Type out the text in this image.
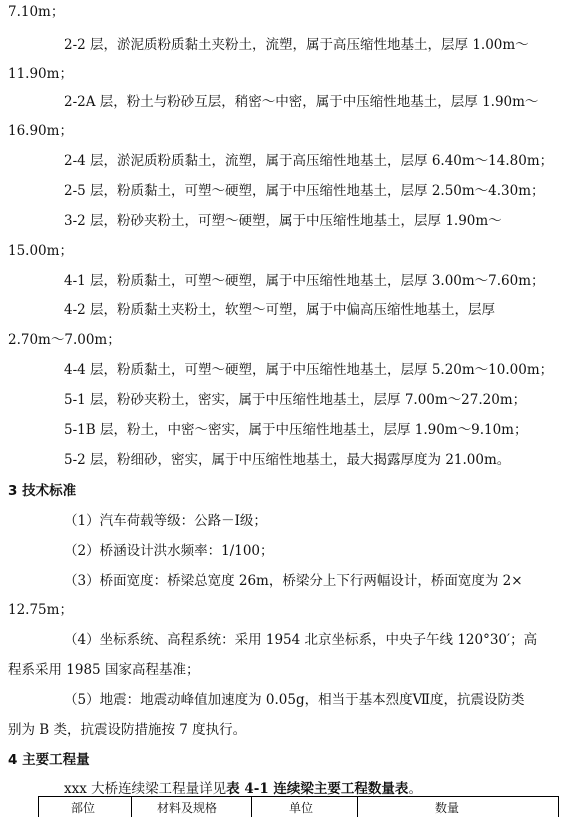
7.10m；
2-2 层，淤泥质粉质黏土夹粉土，流塑，属于高压缩性地基土，层厚 1.00m～
11.90m；
2-2A 层，粉土与粉砂互层，稍密～中密，属于中压缩性地基土，层厚 1.90m～
16.90m；
2-4 层，淤泥质粉质黏土，流塑，属于高压缩性地基土，层厚 6.40m～14.80m；
2-5 层，粉质黏土，可塑～硬塑，属于中压缩性地基土，层厚 2.50m～4.30m；
3-2 层，粉砂夹粉土，可塑～硬塑，属于中压缩性地基土，层厚 1.90m～
15.00m；
4-1 层，粉质黏土，可塑～硬塑，属于中压缩性地基土，层厚 3.00m～7.60m；
4-2 层，粉质黏土夹粉土，软塑～可塑，属于中偏高压缩性地基土，层厚
2.70m～7.00m；
4-4 层，粉质黏土，可塑～硬塑，属于中压缩性地基土，层厚 5.20m～10.00m；
5-1 层，粉砂夹粉土，密实，属于中压缩性地基土，层厚 7.00m～27.20m；
5-1B 层，粉土，中密～密实，属于中压缩性地基土，层厚 1.90m～9.10m；
5-2 层，粉细砂，密实，属于中压缩性地基土，最大揭露厚度为 21.00m。
3 技术标准
（1）汽车荷载等级：公路－Ⅰ级；
（2）桥涵设计洪水频率：1/100；
（3）桥面宽度：桥梁总宽度 26m，桥梁分上下行两幅设计，桥面宽度为 2×
12.75m；
（4）坐标系统、高程系统：采用 1954 北京坐标系，中央子午线 120°30′；高
程系采用 1985 国家高程基准；
（5）地震：地震动峰值加速度为 0.05g，相当于基本烈度Ⅶ度，抗震设防类
别为 B 类，抗震设防措施按 7 度执行。
4 主要工程量
xxx 大桥连续梁工程量详见表 4-1 连续梁主要工程数量表。
部位	材料及规格	单位	数量
